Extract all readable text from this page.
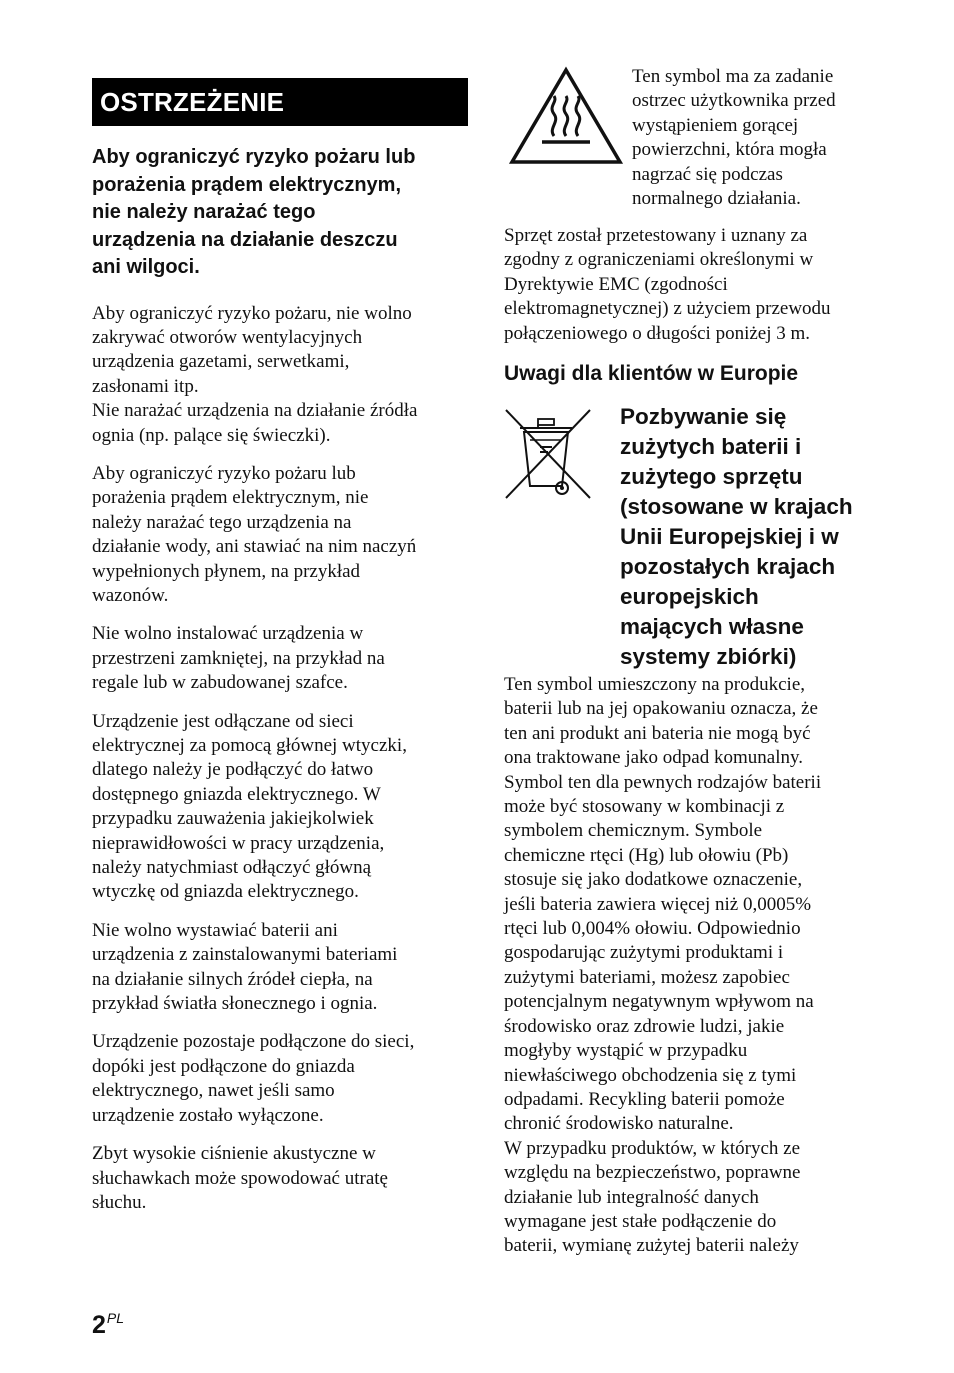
OSTRZEŻENIE
Aby ograniczyć ryzyko pożaru lub
porażenia prądem elektrycznym,
nie należy narażać tego
urządzenia na działanie deszczu
ani wilgoci.
Aby ograniczyć ryzyko pożaru, nie wolno
zakrywać otworów wentylacyjnych
urządzenia gazetami, serwetkami,
zasłonami itp.
Nie narażać urządzenia na działanie źródła
ognia (np. palące się świeczki).
Aby ograniczyć ryzyko pożaru lub
porażenia prądem elektrycznym, nie
należy narażać tego urządzenia na
działanie wody, ani stawiać na nim naczyń
wypełnionych płynem, na przykład
wazonów.
Nie wolno instalować urządzenia w
przestrzeni zamkniętej, na przykład na
regale lub w zabudowanej szafce.
Urządzenie jest odłączane od sieci
elektrycznej za pomocą głównej wtyczki,
dlatego należy je podłączyć do łatwo
dostępnego gniazda elektrycznego. W
przypadku zauważenia jakiejkolwiek
nieprawidłowości w pracy urządzenia,
należy natychmiast odłączyć główną
wtyczkę od gniazda elektrycznego.
Nie wolno wystawiać baterii ani
urządzenia z zainstalowanymi bateriami
na działanie silnych źródeł ciepła, na
przykład światła słonecznego i ognia.
Urządzenie pozostaje podłączone do sieci,
dopóki jest podłączone do gniazda
elektrycznego, nawet jeśli samo
urządzenie zostało wyłączone.
Zbyt wysokie ciśnienie akustyczne w
słuchawkach może spowodować utratę
słuchu.
Ten symbol ma za zadanie
ostrzec użytkownika przed
wystąpieniem gorącej
powierzchni, która mogła
nagrzać się podczas
normalnego działania.
Sprzęt został przetestowany i uznany za
zgodny z ograniczeniami określonymi w
Dyrektywie EMC (zgodności
elektromagnetycznej) z użyciem przewodu
połączeniowego o długości poniżej 3 m.
Uwagi dla klientów w Europie
Pozbywanie się
zużytych baterii i
zużytego sprzętu
(stosowane w krajach
Unii Europejskiej i w
pozostałych krajach
europejskich
mających własne
systemy zbiórki)
Ten symbol umieszczony na produkcie,
baterii lub na jej opakowaniu oznacza, że
ten ani produkt ani bateria nie mogą być
ona traktowane jako odpad komunalny.
Symbol ten dla pewnych rodzajów baterii
może być stosowany w kombinacji z
symbolem chemicznym. Symbole
chemiczne rtęci (Hg) lub ołowiu (Pb)
stosuje się jako dodatkowe oznaczenie,
jeśli bateria zawiera więcej niż 0,0005%
rtęci lub 0,004% ołowiu. Odpowiednio
gospodarując zużytymi produktami i
zużytymi bateriami, możesz zapobiec
potencjalnym negatywnym wpływom na
środowisko oraz zdrowie ludzi, jakie
mogłyby wystąpić w przypadku
niewłaściwego obchodzenia się z tymi
odpadami. Recykling baterii pomoże
chronić środowisko naturalne.
W przypadku produktów, w których ze
względu na bezpieczeństwo, poprawne
działanie lub integralność danych
wymagane jest stałe podłączenie do
baterii, wymianę zużytej baterii należy
$2^{PL}$
